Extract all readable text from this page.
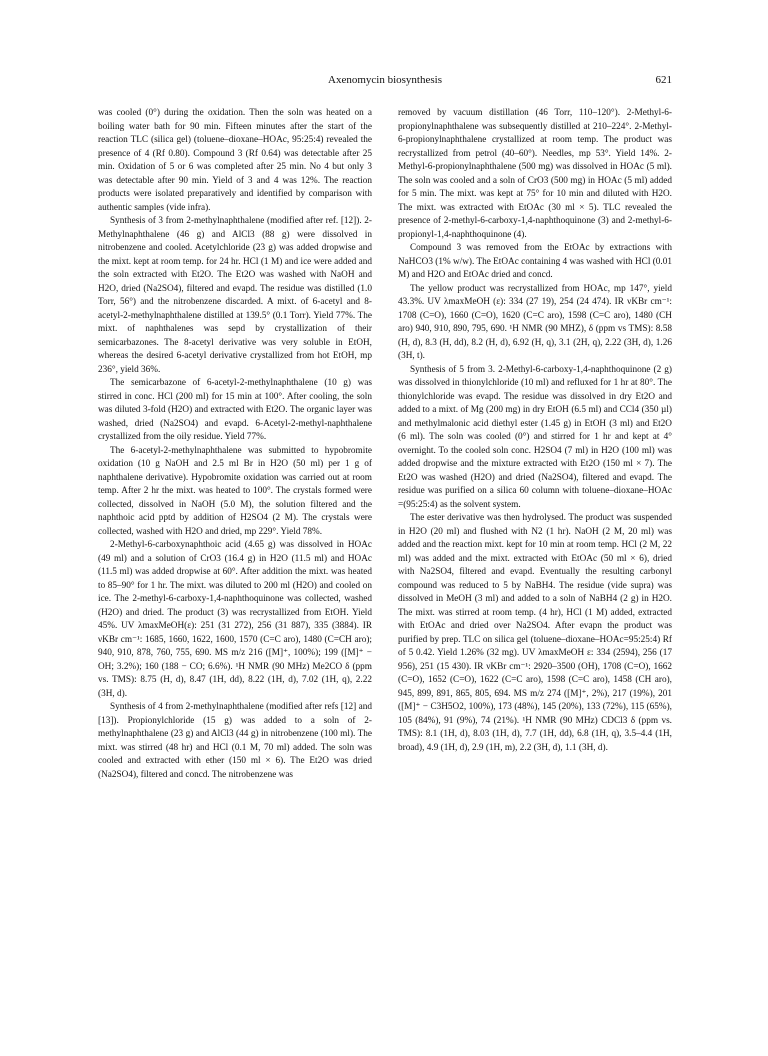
Axenomycin biosynthesis	621

was cooled (0°) during the oxidation. Then the soln was heated on a boiling water bath for 90 min. Fifteen minutes after the start of the reaction TLC (silica gel) (toluene–dioxane–HOAc, 95:25:4) revealed the presence of 4 (Rf 0.80). Compound 3 (Rf 0.64) was detectable after 25 min. Oxidation of 5 or 6 was completed after 25 min. No 4 but only 3 was detectable after 90 min. Yield of 3 and 4 was 12%. The reaction products were isolated preparatively and identified by comparison with authentic samples (vide infra).

Synthesis of 3 from 2-methylnaphthalene (modified after ref. [12]). 2-Methylnaphthalene (46 g) and AlCl3 (88 g) were dissolved in nitrobenzene and cooled. Acetylchloride (23 g) was added dropwise and the mixt. kept at room temp. for 24 hr. HCl (1 M) and ice were added and the soln extracted with Et2O. The Et2O was washed with NaOH and H2O, dried (Na2SO4), filtered and evapd. The residue was distilled (1.0 Torr, 56°) and the nitrobenzene discarded. A mixt. of 6-acetyl and 8-acetyl-2-methylnaphthalene distilled at 139.5° (0.1 Torr). Yield 77%. The mixt. of naphthalenes was sepd by crystallization of their semicarbazones. The 8-acetyl derivative was very soluble in EtOH, whereas the desired 6-acetyl derivative crystallized from hot EtOH, mp 236°, yield 36%.

The semicarbazone of 6-acetyl-2-methylnaphthalene (10 g) was stirred in conc. HCl (200 ml) for 15 min at 100°. After cooling, the soln was diluted 3-fold (H2O) and extracted with Et2O. The organic layer was washed, dried (Na2SO4) and evapd. 6-Acetyl-2-methyl-naphthalene crystallized from the oily residue. Yield 77%.

The 6-acetyl-2-methylnaphthalene was submitted to hypobromite oxidation (10 g NaOH and 2.5 ml Br in H2O (50 ml) per 1 g of naphthalene derivative). Hypobromite oxidation was carried out at room temp. After 2 hr the mixt. was heated to 100°. The crystals formed were collected, dissolved in NaOH (5.0 M), the solution filtered and the naphthoic acid pptd by addition of H2SO4 (2 M). The crystals were collected, washed with H2O and dried, mp 229°. Yield 78%.

2-Methyl-6-carboxynaphthoic acid (4.65 g) was dissolved in HOAc (49 ml) and a solution of CrO3 (16.4 g) in H2O (11.5 ml) and HOAc (11.5 ml) was added dropwise at 60°. After addition the mixt. was heated to 85–90° for 1 hr. The mixt. was diluted to 200 ml (H2O) and cooled on ice. The 2-methyl-6-carboxy-1,4-naphthoquinone was collected, washed (H2O) and dried. The product (3) was recrystallized from EtOH. Yield 45%. UV λmaxMeOH(ε): 251 (31 272), 256 (31 887), 335 (3884). IR νKBr cm⁻¹: 1685, 1660, 1622, 1600, 1570 (C=C aro), 1480 (C=CH aro); 940, 910, 878, 760, 755, 690. MS m/z 216 ([M]⁺, 100%); 199 ([M]⁺ − OH; 3.2%); 160 (188 − CO; 6.6%). ¹H NMR (90 MHz) Me2CO δ (ppm vs. TMS): 8.75 (H, d), 8.47 (1H, dd), 8.22 (1H, d), 7.02 (1H, q), 2.22 (3H, d).

Synthesis of 4 from 2-methylnaphthalene (modified after refs [12] and [13]). Propionylchloride (15 g) was added to a soln of 2-methylnaphthalene (23 g) and AlCl3 (44 g) in nitrobenzene (100 ml). The mixt. was stirred (48 hr) and HCl (0.1 M, 70 ml) added. The soln was cooled and extracted with ether (150 ml × 6). The Et2O was dried (Na2SO4), filtered and concd. The nitrobenzene was

removed by vacuum distillation (46 Torr, 110–120°). 2-Methyl-6-propionylnaphthalene was subsequently distilled at 210–224°. 2-Methyl-6-propionylnaphthalene crystallized at room temp. The product was recrystallized from petrol (40–60°). Needles, mp 53°. Yield 14%. 2-Methyl-6-propionylnaphthalene (500 mg) was dissolved in HOAc (5 ml). The soln was cooled and a soln of CrO3 (500 mg) in HOAc (5 ml) added for 5 min. The mixt. was kept at 75° for 10 min and diluted with H2O. The mixt. was extracted with EtOAc (30 ml × 5). TLC revealed the presence of 2-methyl-6-carboxy-1,4-naphthoquinone (3) and 2-methyl-6-propionyl-1,4-naphthoquinone (4).

Compound 3 was removed from the EtOAc by extractions with NaHCO3 (1% w/w). The EtOAc containing 4 was washed with HCl (0.01 M) and H2O and EtOAc dried and concd.

The yellow product was recrystallized from HOAc, mp 147°, yield 43.3%. UV λmaxMeOH (ε): 334 (27 19), 254 (24 474). IR νKBr cm⁻¹: 1708 (C=O), 1660 (C=O), 1620 (C=C aro), 1598 (C=C aro), 1480 (CH aro) 940, 910, 890, 795, 690. ¹H NMR (90 MHZ), δ (ppm vs TMS): 8.58 (H, d), 8.3 (H, dd), 8.2 (H, d), 6.92 (H, q), 3.1 (2H, q), 2.22 (3H, d), 1.26 (3H, t).

Synthesis of 5 from 3. 2-Methyl-6-carboxy-1,4-naphthoquinone (2 g) was dissolved in thionylchloride (10 ml) and refluxed for 1 hr at 80°. The thionylchloride was evapd. The residue was dissolved in dry Et2O and added to a mixt. of Mg (200 mg) in dry EtOH (6.5 ml) and CCl4 (350 µl) and methylmalonic acid diethyl ester (1.45 g) in EtOH (3 ml) and Et2O (6 ml). The soln was cooled (0°) and stirred for 1 hr and kept at 4° overnight. To the cooled soln conc. H2SO4 (7 ml) in H2O (100 ml) was added dropwise and the mixture extracted with Et2O (150 ml × 7). The Et2O was washed (H2O) and dried (Na2SO4), filtered and evapd. The residue was purified on a silica 60 column with toluene–dioxane–HOAc =(95:25:4) as the solvent system.

The ester derivative was then hydrolysed. The product was suspended in H2O (20 ml) and flushed with N2 (1 hr). NaOH (2 M, 20 ml) was added and the reaction mixt. kept for 10 min at room temp. HCl (2 M, 22 ml) was added and the mixt. extracted with EtOAc (50 ml × 6), dried with Na2SO4, filtered and evapd. Eventually the resulting carbonyl compound was reduced to 5 by NaBH4. The residue (vide supra) was dissolved in MeOH (3 ml) and added to a soln of NaBH4 (2 g) in H2O. The mixt. was stirred at room temp. (4 hr), HCl (1 M) added, extracted with EtOAc and dried over Na2SO4. After evapn the product was purified by prep. TLC on silica gel (toluene–dioxane–HOAc=95:25:4) Rf of 5 0.42. Yield 1.26% (32 mg). UV λmaxMeOH ε: 334 (2594), 256 (17 956), 251 (15 430). IR νKBr cm⁻¹: 2920–3500 (OH), 1708 (C=O), 1662 (C=O), 1652 (C=O), 1622 (C=C aro), 1598 (C=C aro), 1458 (CH aro), 945, 899, 891, 865, 805, 694. MS m/z 274 ([M]⁺, 2%), 217 (19%), 201 ([M]⁺ − C3H5O2, 100%), 173 (48%), 145 (20%), 133 (72%), 115 (65%), 105 (84%), 91 (9%), 74 (21%). ¹H NMR (90 MHz) CDCl3 δ (ppm vs. TMS): 8.1 (1H, d), 8.03 (1H, d), 7.7 (1H, dd), 6.8 (1H, q), 3.5–4.4 (1H, broad), 4.9 (1H, d), 2.9 (1H, m), 2.2 (3H, d), 1.1 (3H, d).
